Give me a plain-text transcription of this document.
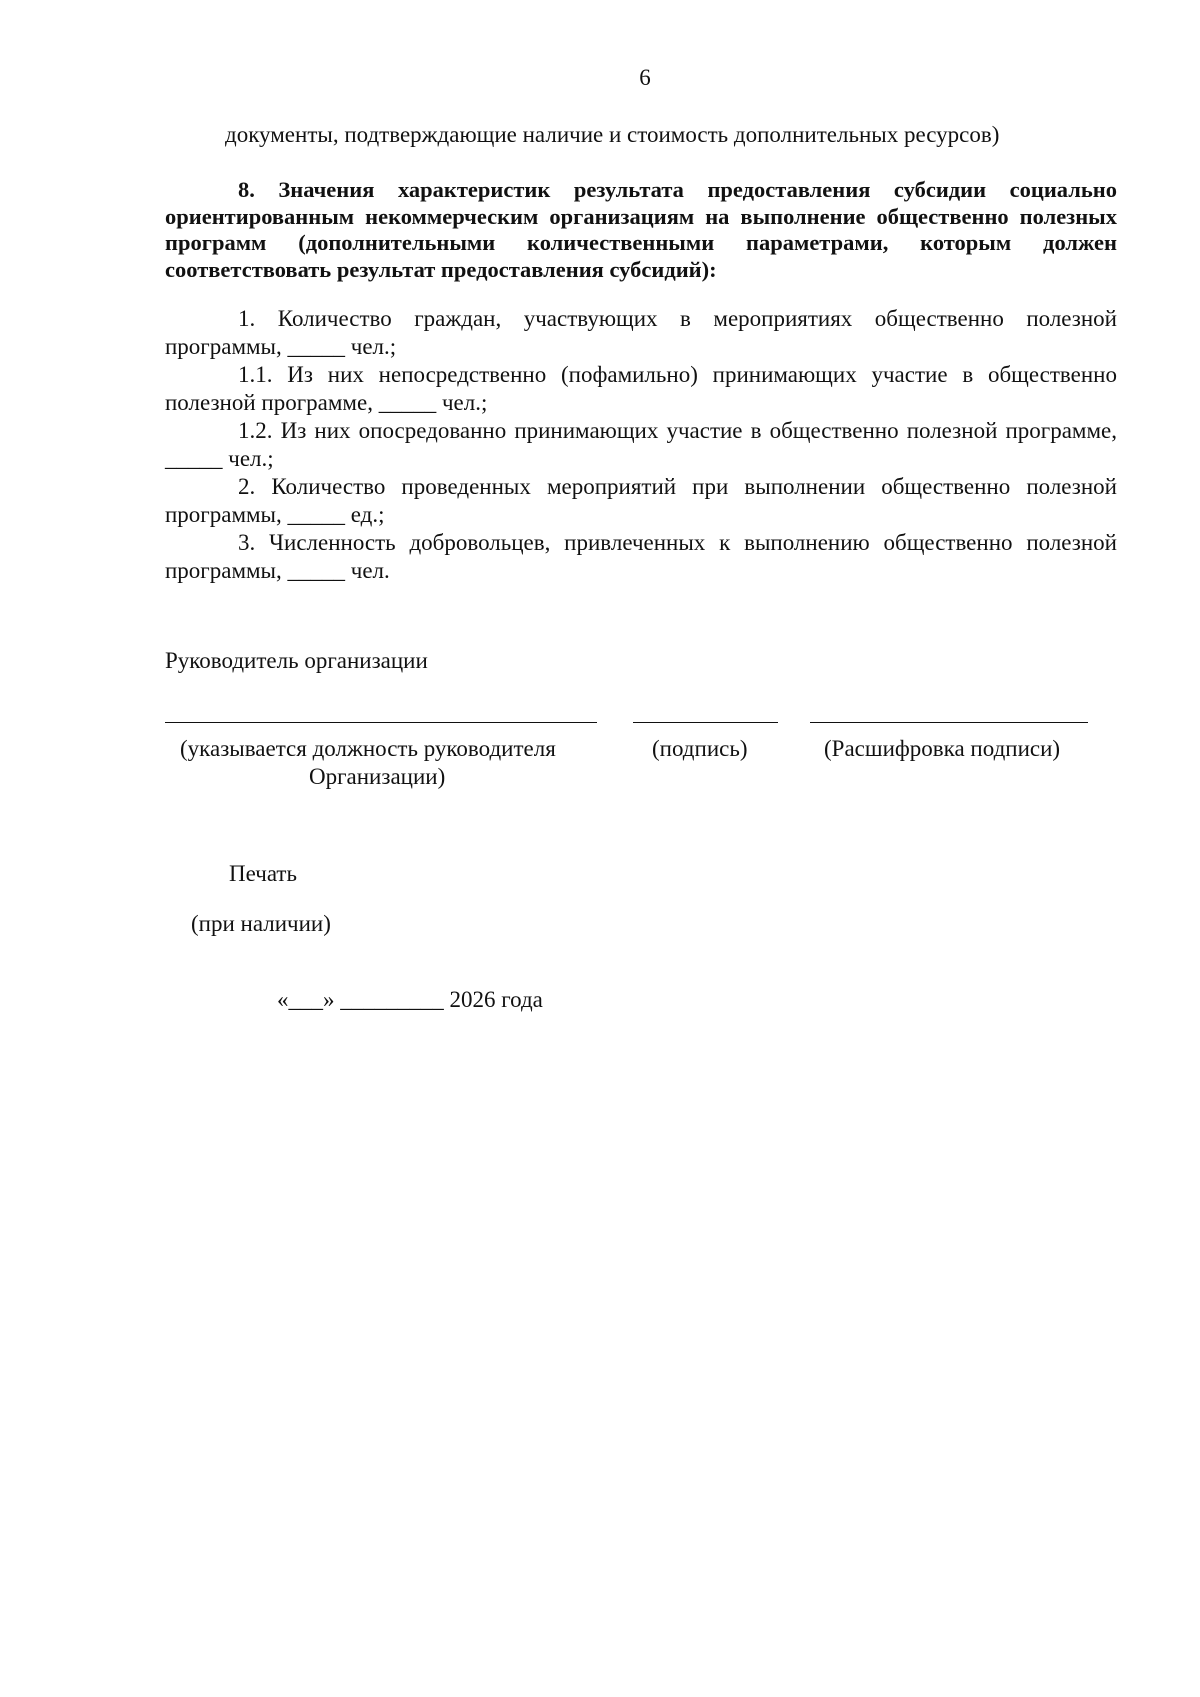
6
документы, подтверждающие наличие и стоимость дополнительных ресурсов)
8. Значения характеристик результата предоставления субсидии социально ориентированным некоммерческим организациям на выполнение общественно полезных программ (дополнительными количественными параметрами, которым должен соответствовать результат предоставления субсидий):
1. Количество граждан, участвующих в мероприятиях общественно полезной программы, _____ чел.;
1.1. Из них непосредственно (пофамильно) принимающих участие в общественно полезной программе, _____ чел.;
1.2. Из них опосредованно принимающих участие в общественно полезной программе, _____ чел.;
2. Количество проведенных мероприятий при выполнении общественно полезной программы, _____ ед.;
3. Численность добровольцев, привлеченных к выполнению общественно полезной программы, _____ чел.
Руководитель организации
(указывается должность руководителя
Организации)
(подпись)	(Расшифровка подписи)
Печать
(при наличии)
«___» _________ 2026 года
